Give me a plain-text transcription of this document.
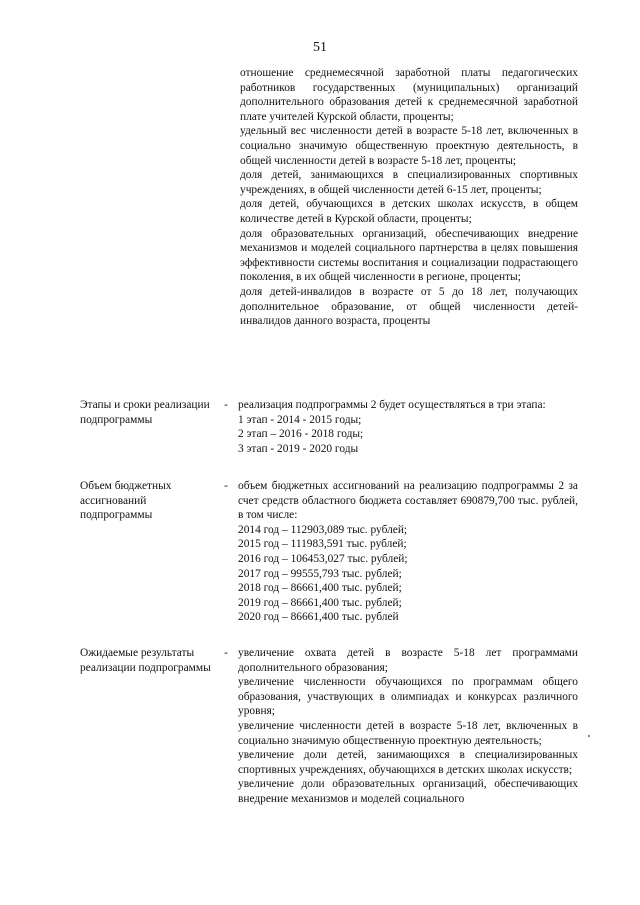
51
отношение среднемесячной заработной платы педагогических работников государственных (муниципальных) организаций дополнительного образования детей к среднемесячной заработной плате учителей Курской области, проценты;
удельный вес численности детей в возрасте 5-18 лет, включенных в социально значимую общественную проектную деятельность, в общей численности детей в возрасте 5-18 лет, проценты;
доля детей, занимающихся в специализированных спортивных учреждениях, в общей численности детей 6-15 лет, проценты;
доля детей, обучающихся в детских школах искусств, в общем количестве детей в Курской области, проценты;
доля образовательных организаций, обеспечивающих внедрение механизмов и моделей социального партнерства в целях повышения эффективности системы воспитания и социализации подрастающего поколения, в их общей численности в регионе, проценты;
доля детей-инвалидов в возрасте от 5 до 18 лет, получающих дополнительное образование, от общей численности детей-инвалидов данного возраста, проценты
Этапы и сроки реализации подпрограммы
- реализация подпрограммы 2 будет осуществляться в три этапа:
1 этап - 2014 - 2015 годы;
2 этап – 2016 - 2018 годы;
3 этап - 2019 - 2020 годы
Объем бюджетных ассигнований подпрограммы
- объем бюджетных ассигнований на реализацию подпрограммы 2 за счет средств областного бюджета составляет 690879,700 тыс. рублей, в том числе:
2014 год – 112903,089 тыс. рублей;
2015 год – 111983,591 тыс. рублей;
2016 год – 106453,027 тыс. рублей;
2017 год – 99555,793 тыс. рублей;
2018 год – 86661,400 тыс. рублей;
2019 год – 86661,400 тыс. рублей;
2020 год – 86661,400 тыс. рублей
Ожидаемые результаты реализации подпрограммы
- увеличение охвата детей в возрасте 5-18 лет программами дополнительного образования;
увеличение численности обучающихся по программам общего образования, участвующих в олимпиадах и конкурсах различного уровня;
увеличение численности детей в возрасте 5-18 лет, включенных в социально значимую общественную проектную деятельность;
увеличение доли детей, занимающихся в специализированных спортивных учреждениях, обучающихся в детских школах искусств;
увеличение доли образовательных организаций, обеспечивающих внедрение механизмов и моделей социального
